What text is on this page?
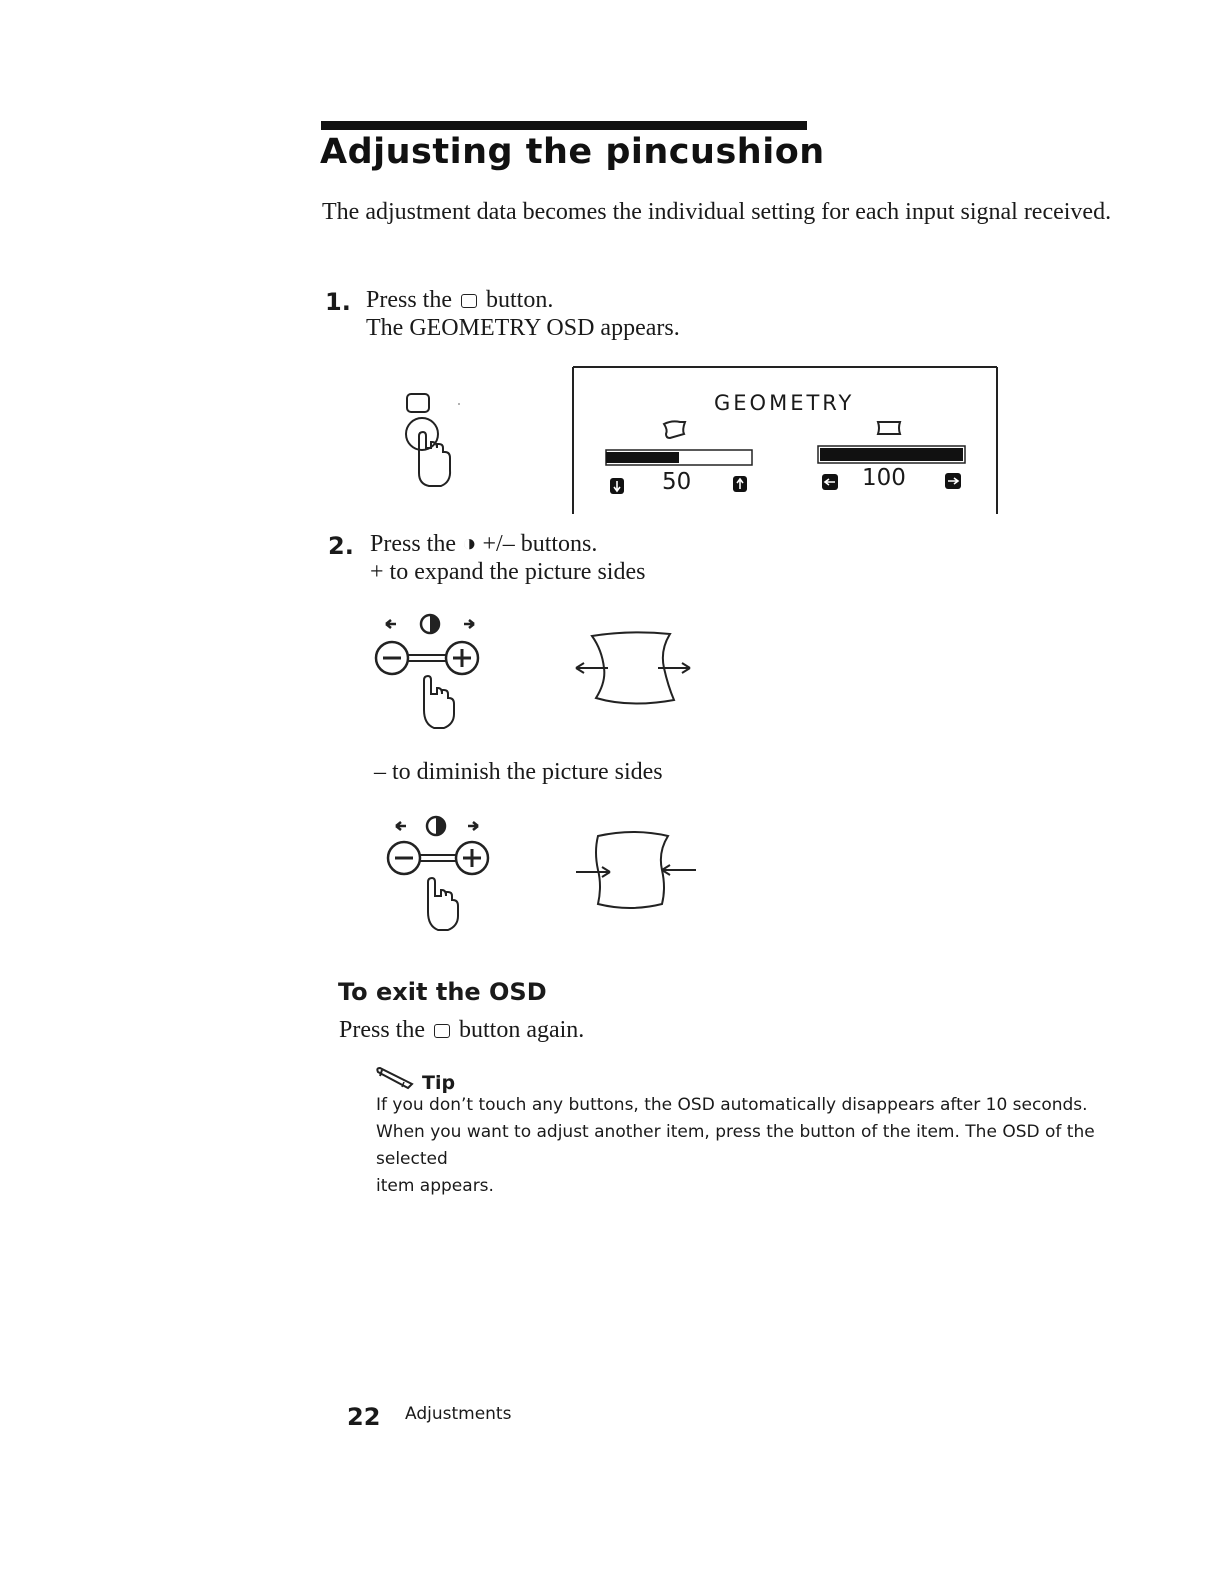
Adjusting the pincushion
The adjustment data becomes the individual setting for each input signal received.
1. Press the button.
The GEOMETRY OSD appears.
GEOMETRY
50	100
2. Press the ◑ +/– buttons.
+ to expand the picture sides
– to diminish the picture sides
To exit the OSD
Press the button again.
Tip
If you don’t touch any buttons, the OSD automatically disappears after 10 seconds.
When you want to adjust another item, press the button of the item. The OSD of the selected
item appears.
22 Adjustments
